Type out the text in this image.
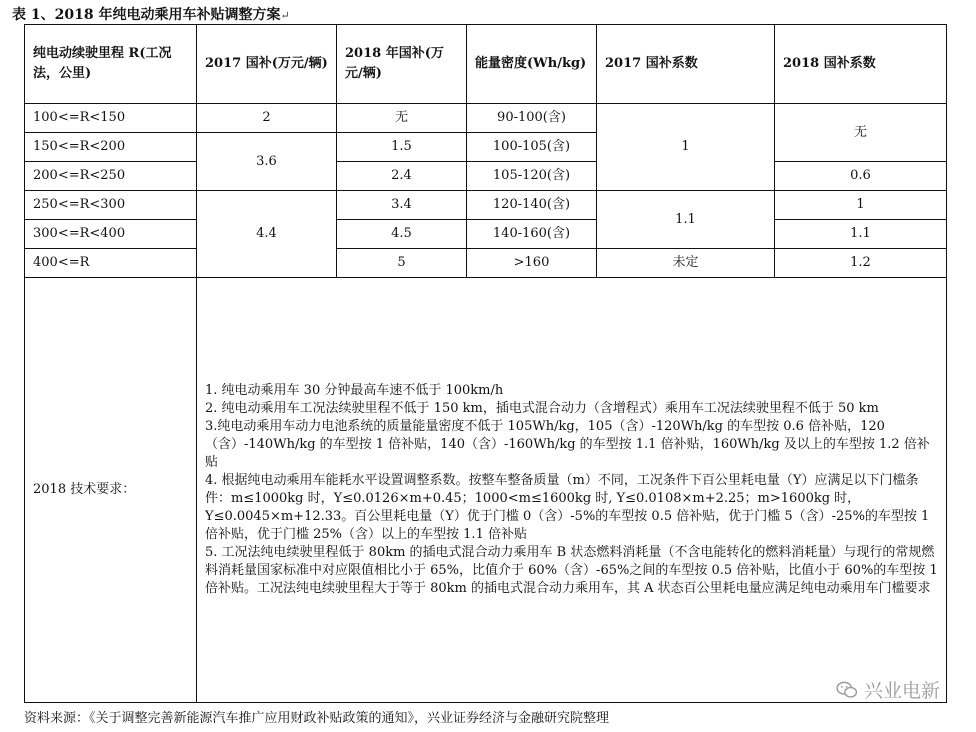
表 1、2018 年纯电动乘用车补贴调整方案↵
纯电动续驶里程 R(工况法，公里)	2017 国补(万元/辆)	2018 年国补(万元/辆)	能量密度(Wh/kg)	2017 国补系数	2018 国补系数
100<=R<150	2	无	90-100(含)	1	无
150<=R<200	3.6	1.5	100-105(含)		
200<=R<250		2.4	105-120(含)		0.6
250<=R<300	4.4	3.4	120-140(含)	1.1	1
300<=R<400		4.5	140-160(含)		1.1
400<=R		5	>160	未定	1.2
2018 技术要求：	1. 纯电动乘用车 30 分钟最高车速不低于 100km/h

2. 纯电动乘用车工况法续驶里程不低于 150 km，插电式混合动力（含增程式）乘用车工况法续驶里程不低于 50 km

3.纯电动乘用车动力电池系统的质量能量密度不低于 105Wh/kg，105（含）-120Wh/kg 的车型按 0.6 倍补贴，120（含）-140Wh/kg 的车型按 1 倍补贴，140（含）-160Wh/kg 的车型按 1.1 倍补贴，160Wh/kg 及以上的车型按 1.2 倍补贴

4. 根据纯电动乘用车能耗水平设置调整系数。按整车整备质量（m）不同，工况条件下百公里耗电量（Y）应满足以下门槛条件：m≤1000kg 时，Y≤0.0126×m+0.45；1000<m≤1600kg 时, Y≤0.0108×m+2.25；m>1600kg 时，Y≤0.0045×m+12.33。百公里耗电量（Y）优于门槛 0（含）-5%的车型按 0.5 倍补贴，优于门槛 5（含）-25%的车型按 1 倍补贴，优于门槛 25%（含）以上的车型按 1.1 倍补贴

5. 工况法纯电续驶里程低于 80km 的插电式混合动力乘用车 B 状态燃料消耗量（不含电能转化的燃料消耗量）与现行的常规燃料消耗量国家标准中对应限值相比小于 65%，比值介于 60%（含）-65%之间的车型按 0.5 倍补贴，比值小于 60%的车型按 1 倍补贴。工况法纯电续驶里程大于等于 80km 的插电式混合动力乘用车，其 A 状态百公里耗电量应满足纯电动乘用车门槛要求				

兴业电新
资料来源：《关于调整完善新能源汽车推广应用财政补贴政策的通知》，兴业证券经济与金融研究院整理
